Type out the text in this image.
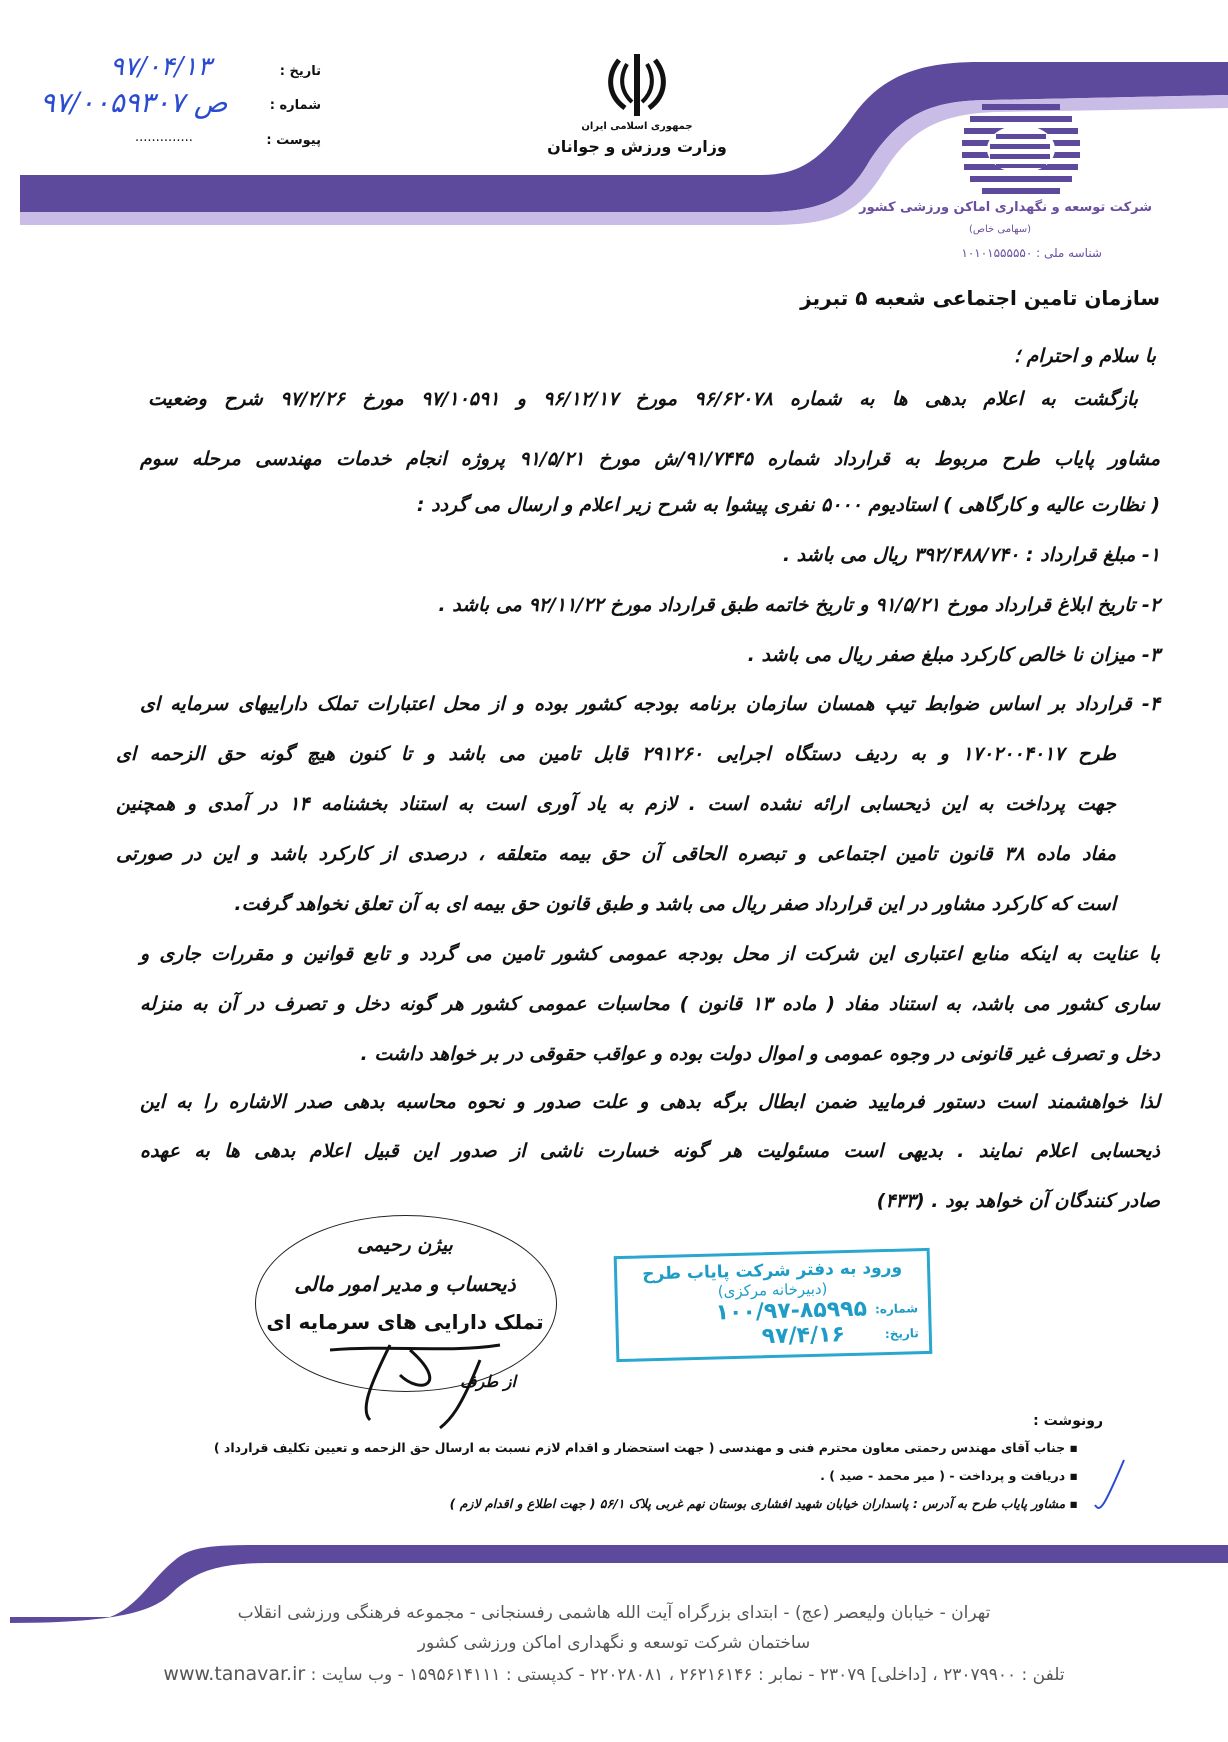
تاریخ :
۹۷/۰۴/۱۳
شماره :
۹۷/۰۰۵۹۳۰۷ ص
پیوست :
..............
جمهوری اسلامی ایران
وزارت ورزش و جوانان
شرکت توسعه و نگهداری اماکن ورزشی کشور
(سهامی خاص)
شناسه ملی : ۱۰۱۰۱۵۵۵۵۵۰
سازمان تامین اجتماعی شعبه ۵ تبریز
با سلام و احترام ؛
بازگشت به اعلام بدهی ها به شماره ۹۶/۶۲۰۷۸ مورخ ۹۶/۱۲/۱۷ و ۹۷/۱۰۵۹۱ مورخ ۹۷/۲/۲۶ شرح وضعیت
مشاور پایاب طرح مربوط به قرارداد شماره ۹۱/۷۴۴۵/ش مورخ ۹۱/۵/۲۱ پروژه انجام خدمات مهندسی مرحله سوم
( نظارت عالیه و کارگاهی ) استادیوم ۵۰۰۰ نفری پیشوا به شرح زیر اعلام و ارسال می گردد :
۱- مبلغ قرارداد : ۳۹۲/۴۸۸/۷۴۰ ریال می باشد .
۲- تاریخ ابلاغ قرارداد مورخ ۹۱/۵/۲۱ و تاریخ خاتمه طبق قرارداد مورخ ۹۲/۱۱/۲۲ می باشد .
۳- میزان نا خالص کارکرد مبلغ صفر ریال می باشد .
۴- قرارداد بر اساس ضوابط تیپ همسان سازمان برنامه بودجه کشور بوده و از محل اعتبارات تملک داراییهای سرمایه ای
طرح ۱۷۰۲۰۰۴۰۱۷ و به ردیف دستگاه اجرایی ۲۹۱۲۶۰ قابل تامین می باشد و تا کنون هیچ گونه حق الزحمه ای
جهت پرداخت به این ذیحسابی ارائه نشده است . لازم به یاد آوری است به استناد بخشنامه ۱۴ در آمدی و همچنین
مفاد ماده ۳۸ قانون تامین اجتماعی و تبصره الحاقی آن حق بیمه متعلقه ، درصدی از کارکرد باشد و این در صورتی
است که کارکرد مشاور در این قرارداد صفر ریال می باشد و طبق قانون حق بیمه ای به آن تعلق نخواهد گرفت.
با عنایت به اینکه منابع اعتباری این شرکت از محل بودجه عمومی کشور تامین می گردد و تابع قوانین و مقررات جاری و
ساری کشور می باشد، به استناد مفاد ( ماده ۱۳ قانون ) محاسبات عمومی کشور هر گونه دخل و تصرف در آن به منزله
دخل و تصرف غیر قانونی در وجوه عمومی و اموال دولت بوده و عواقب حقوقی در بر خواهد داشت .
لذا خواهشمند است دستور فرمایید ضمن ابطال برگه بدهی و علت صدور و نحوه محاسبه بدهی صدر الاشاره را به این
ذیحسابی اعلام نمایند . بدیهی است مسئولیت هر گونه خسارت ناشی از صدور این قبیل اعلام بدهی ها به عهده
صادر کنندگان آن خواهد بود . (۴۳۳)
بیژن رحیمی
ذیحساب و مدیر امور مالی
تملک دارایی های سرمایه ای
از طرف
ورود به دفتر شرکت پایاب طرح
(دبیرخانه مرکزی)
شماره:
۱۰۰/۹۷-۸۵۹۹۵
تاریخ:
۹۷/۴/۱۶
رونوشت :
▪ جناب آقای مهندس رحمتی معاون محترم فنی و مهندسی ( جهت استحضار و اقدام لازم نسبت به ارسال حق الزحمه و تعیین تکلیف قرارداد )
▪ دریافت و پرداخت - ( میر محمد - صید ) .
▪ مشاور پایاب طرح به آدرس : پاسداران خیابان شهید افشاری بوستان نهم غربی پلاک ۵۶/۱ ( جهت اطلاع و اقدام لازم )
تهران - خیابان ولیعصر (عج) - ابتدای بزرگراه آیت الله هاشمی رفسنجانی - مجموعه فرهنگی ورزشی انقلاب
ساختمان شرکت توسعه و نگهداری اماکن ورزشی کشور
تلفن : ۲۳۰۷۹۹۰۰ ، [داخلی] ۲۳۰۷۹ - نمابر : ۲۶۲۱۶۱۴۶ ، ۲۲۰۲۸۰۸۱ - کدپستی : ۱۵۹۵۶۱۴۱۱۱ - وب سایت : www.tanavar.ir
